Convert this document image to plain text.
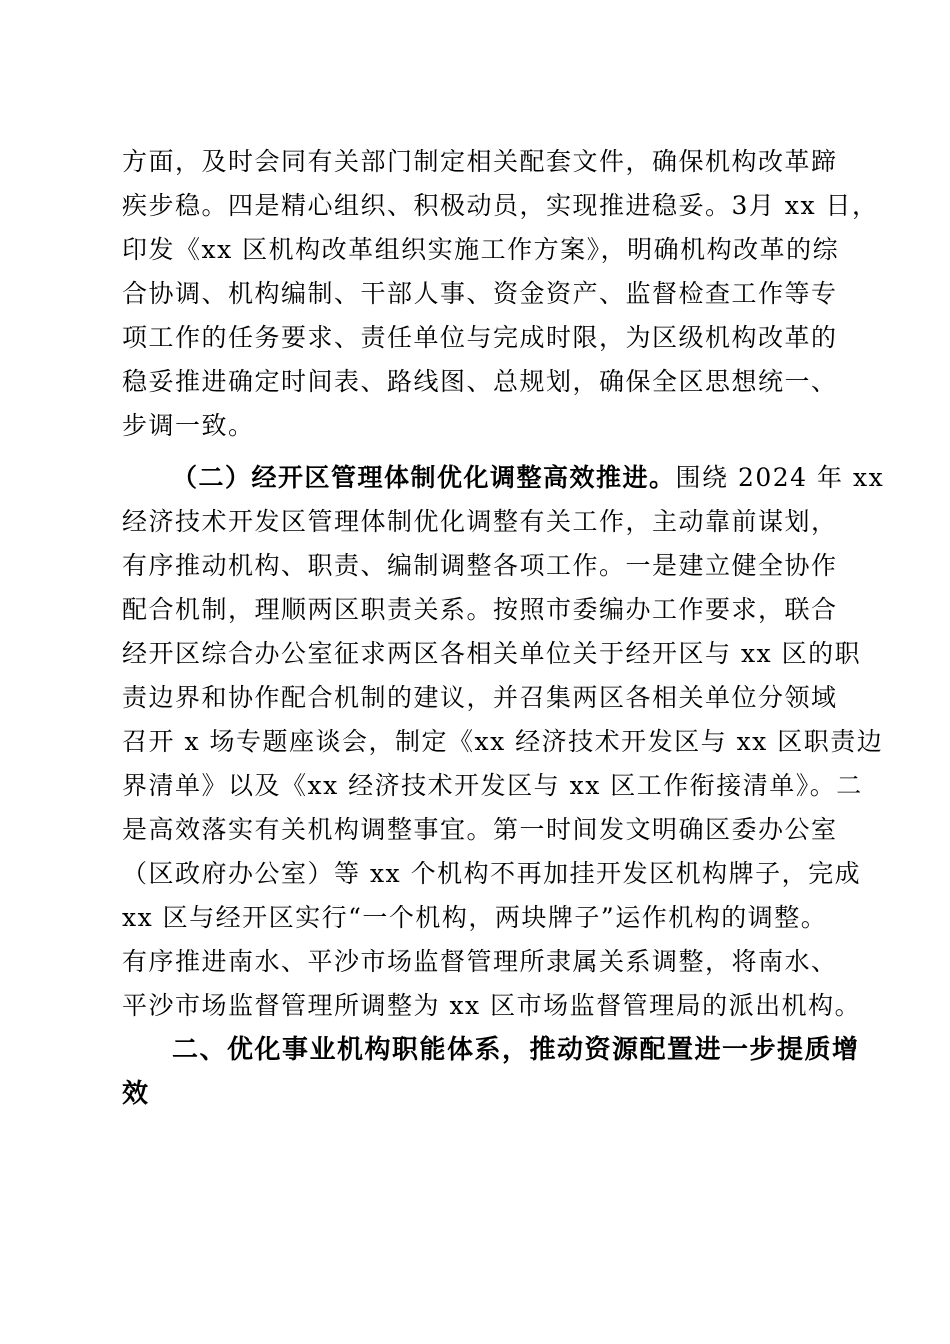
方面，及时会同有关部门制定相关配套文件，确保机构改革蹄
疾步稳。四是精心组织、积极动员，实现推进稳妥。3月 xx 日，
印发《xx 区机构改革组织实施工作方案》，明确机构改革的综
合协调、机构编制、干部人事、资金资产、监督检查工作等专
项工作的任务要求、责任单位与完成时限，为区级机构改革的
稳妥推进确定时间表、路线图、总规划，确保全区思想统一、
步调一致。
（二）经开区管理体制优化调整高效推进。围绕 2024 年 xx
经济技术开发区管理体制优化调整有关工作，主动靠前谋划，
有序推动机构、职责、编制调整各项工作。一是建立健全协作
配合机制，理顺两区职责关系。按照市委编办工作要求，联合
经开区综合办公室征求两区各相关单位关于经开区与 xx 区的职
责边界和协作配合机制的建议，并召集两区各相关单位分领域
召开 x 场专题座谈会，制定《xx 经济技术开发区与 xx 区职责边
界清单》以及《xx 经济技术开发区与 xx 区工作衔接清单》。二
是高效落实有关机构调整事宜。第一时间发文明确区委办公室
（区政府办公室）等 xx 个机构不再加挂开发区机构牌子，完成
xx 区与经开区实行“一个机构，两块牌子”运作机构的调整。
有序推进南水、平沙市场监督管理所隶属关系调整，将南水、
平沙市场监督管理所调整为 xx 区市场监督管理局的派出机构。
二、优化事业机构职能体系，推动资源配置进一步提质增
效
